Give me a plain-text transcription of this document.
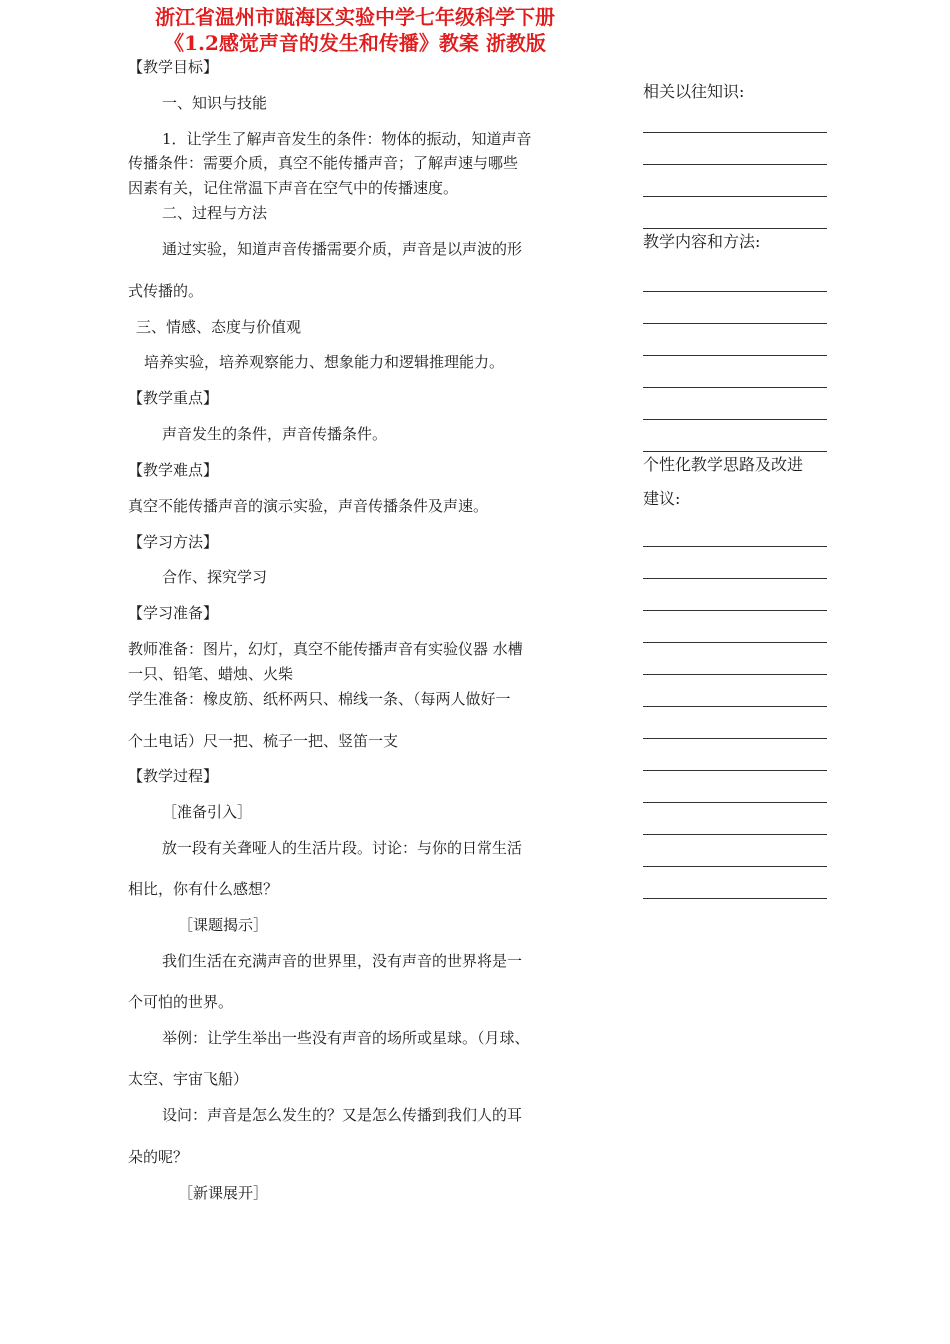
浙江省温州市瓯海区实验中学七年级科学下册
《1.2感觉声音的发生和传播》教案 浙教版
【教学目标】
一、知识与技能
1．让学生了解声音发生的条件：物体的振动，知道声音
传播条件：需要介质，真空不能传播声音；了解声速与哪些
因素有关，记住常温下声音在空气中的传播速度。
二、过程与方法
通过实验，知道声音传播需要介质，声音是以声波的形
式传播的。
三、情感、态度与价值观
培养实验，培养观察能力、想象能力和逻辑推理能力。
【教学重点】
声音发生的条件，声音传播条件。
【教学难点】
真空不能传播声音的演示实验，声音传播条件及声速。
【学习方法】
合作、探究学习
【学习准备】
教师准备：图片，幻灯，真空不能传播声音有实验仪器 水槽
一只、铅笔、蜡烛、火柴
学生准备：橡皮筋、纸杯两只、棉线一条、（每两人做好一
个土电话）尺一把、梳子一把、竖笛一支
【教学过程】
［准备引入］
放一段有关聋哑人的生活片段。讨论：与你的日常生活
相比，你有什么感想？
［课题揭示］
我们生活在充满声音的世界里，没有声音的世界将是一
个可怕的世界。
举例：让学生举出一些没有声音的场所或星球。（月球、
太空、宇宙飞船）
设问：声音是怎么发生的？又是怎么传播到我们人的耳
朵的呢？
［新课展开］
相关以往知识:
教学内容和方法:
个性化教学思路及改进
建议:
